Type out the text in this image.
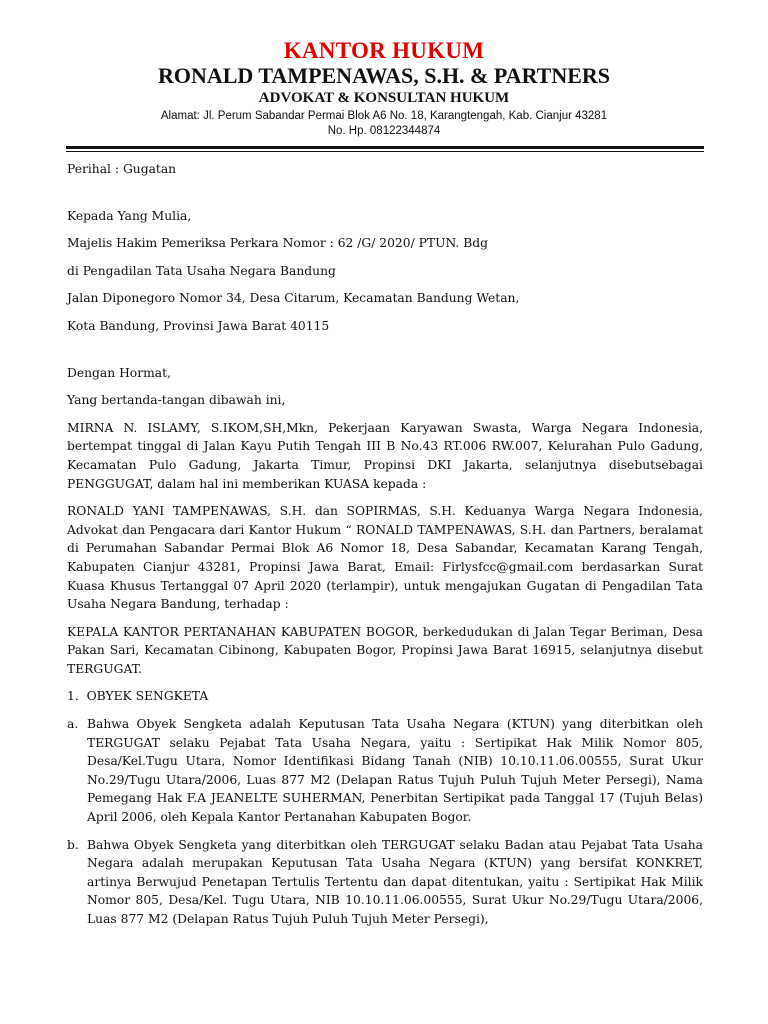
KANTOR HUKUM
RONALD TAMPENAWAS, S.H. & PARTNERS
ADVOKAT & KONSULTAN HUKUM
Alamat: Jl. Perum Sabandar Permai Blok A6 No. 18, Karangtengah, Kab. Cianjur 43281
No. Hp. 08122344874

Perihal : Gugatan

Kepada Yang Mulia,

Majelis Hakim Pemeriksa Perkara Nomor : 62 /G/ 2020/ PTUN. Bdg

di Pengadilan Tata Usaha Negara Bandung

Jalan Diponegoro Nomor 34, Desa Citarum, Kecamatan Bandung Wetan,

Kota Bandung, Provinsi Jawa Barat 40115

Dengan Hormat,

Yang bertanda-tangan dibawah ini,

MIRNA N. ISLAMY, S.IKOM,SH,Mkn, Pekerjaan Karyawan Swasta, Warga Negara Indonesia, bertempat tinggal di Jalan Kayu Putih Tengah III B No.43 RT.006 RW.007, Kelurahan Pulo Gadung, Kecamatan Pulo Gadung, Jakarta Timur, Propinsi DKI Jakarta, selanjutnya disebutsebagai PENGGUGAT, dalam hal ini memberikan KUASA kepada :

RONALD YANI TAMPENAWAS, S.H. dan SOPIRMAS, S.H. Keduanya Warga Negara Indonesia, Advokat dan Pengacara dari Kantor Hukum “ RONALD TAMPENAWAS, S.H. dan Partners, beralamat di Perumahan Sabandar Permai Blok A6 Nomor 18, Desa Sabandar, Kecamatan Karang Tengah, Kabupaten Cianjur 43281, Propinsi Jawa Barat, Email: Firlysfcc@gmail.com berdasarkan Surat Kuasa Khusus Tertanggal 07 April 2020 (terlampir), untuk mengajukan Gugatan di Pengadilan Tata Usaha Negara Bandung, terhadap :

KEPALA KANTOR PERTANAHAN KABUPATEN BOGOR, berkedudukan di Jalan Tegar Beriman, Desa Pakan Sari, Kecamatan Cibinong, Kabupaten Bogor, Propinsi Jawa Barat 16915, selanjutnya disebut TERGUGAT.

1. OBYEK SENGKETA

a. Bahwa Obyek Sengketa adalah Keputusan Tata Usaha Negara (KTUN) yang diterbitkan oleh TERGUGAT selaku Pejabat Tata Usaha Negara, yaitu : Sertipikat Hak Milik Nomor 805, Desa/Kel.Tugu Utara, Nomor Identifikasi Bidang Tanah (NIB) 10.10.11.06.00555, Surat Ukur No.29/Tugu Utara/2006, Luas 877 M2 (Delapan Ratus Tujuh Puluh Tujuh Meter Persegi), Nama Pemegang Hak F.A JEANELTE SUHERMAN, Penerbitan Sertipikat pada Tanggal 17 (Tujuh Belas) April 2006, oleh Kepala Kantor Pertanahan Kabupaten Bogor.
b. Bahwa Obyek Sengketa yang diterbitkan oleh TERGUGAT selaku Badan atau Pejabat Tata Usaha Negara adalah merupakan Keputusan Tata Usaha Negara (KTUN) yang bersifat KONKRET, artinya Berwujud Penetapan Tertulis Tertentu dan dapat ditentukan, yaitu : Sertipikat Hak Milik Nomor 805, Desa/Kel. Tugu Utara, NIB 10.10.11.06.00555, Surat Ukur No.29/Tugu Utara/2006, Luas 877 M2 (Delapan Ratus Tujuh Puluh Tujuh Meter Persegi),
